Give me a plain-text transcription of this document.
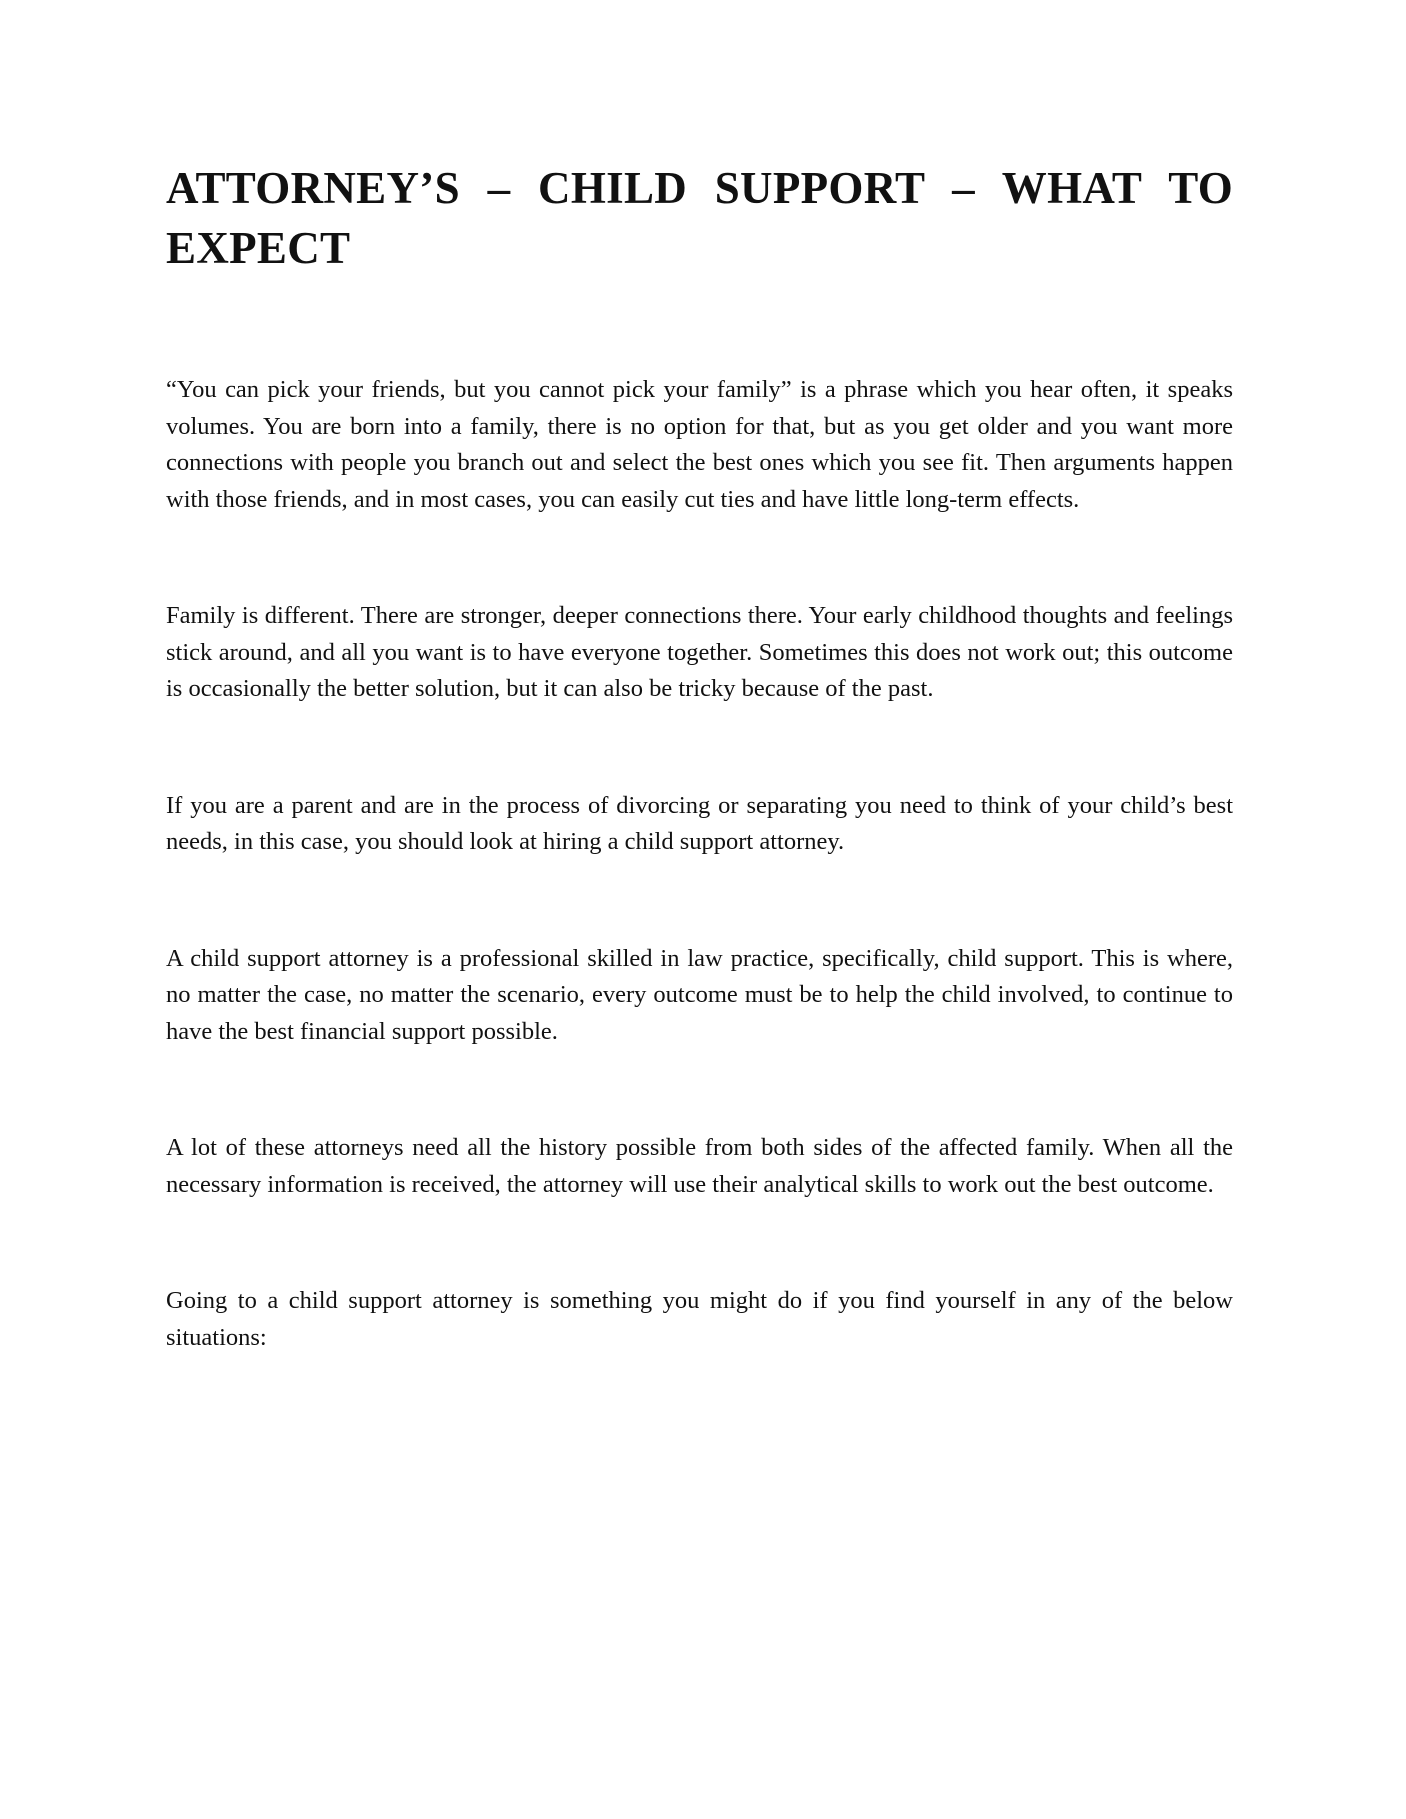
ATTORNEY’S – CHILD SUPPORT – WHAT TO EXPECT

“You can pick your friends, but you cannot pick your family” is a phrase which you hear often, it speaks volumes. You are born into a family, there is no option for that, but as you get older and you want more connections with people you branch out and select the best ones which you see fit. Then arguments happen with those friends, and in most cases, you can easily cut ties and have little long-term effects.

Family is different. There are stronger, deeper connections there. Your early childhood thoughts and feelings stick around, and all you want is to have everyone together. Sometimes this does not work out; this outcome is occasionally the better solution, but it can also be tricky because of the past.

If you are a parent and are in the process of divorcing or separating you need to think of your child’s best needs, in this case, you should look at hiring a child support attorney.

A child support attorney is a professional skilled in law practice, specifically, child support. This is where, no matter the case, no matter the scenario, every outcome must be to help the child involved, to continue to have the best financial support possible.

A lot of these attorneys need all the history possible from both sides of the affected family. When all the necessary information is received, the attorney will use their analytical skills to work out the best outcome.

Going to a child support attorney is something you might do if you find yourself in any of the below situations:
